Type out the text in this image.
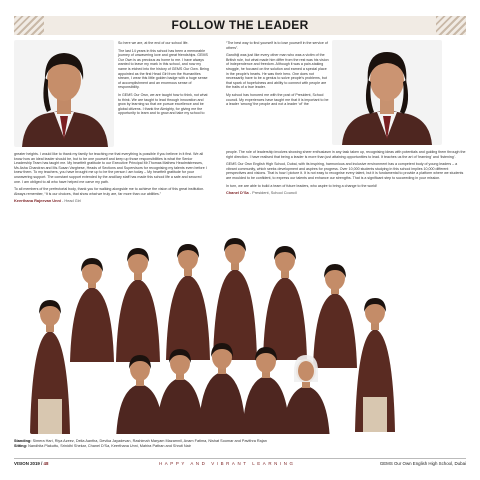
FOLLOW THE LEADER

So here we are, at the end of our school life.

The last 14 years in this school has been a memorable journey of unwavering love and great friendships. GEMS Our Own is as precious as home to me. I have always wanted to leave my mark in this school, and now my name is etched into the history of GEMS Our Own. Being appointed as the first Head Girl from the Humanities stream, I wear this little golden badge with a huge sense of accomplishment and an enormous sense of responsibility.

In GEMS Our Own, we are taught how to think, not what to think. We are taught to lead through innovation and grow by learning so that we pursue excellence and be global citizens. I thank the Almighty, for giving me the opportunity to learn and to grow and take my school to

greater heights. I would like to thank my family for teaching me that everything is possible if you believe in it first. We all know how an ideal leader should be, but to be one yourself and keep up those responsibilities is what the Senior Leadership Team has taught me. My heartfelt gratitude to our Executive Principal Mr.Thomas Mathew Headmistresses, Ms Asha Chandran and Ms.Susan Varghese, Heads of Sections and Supervisors for recognising my talents even before I knew them. To my teachers, you have brought me up to be the person I am today – My heartfelt gratitude for your unwavering support. The constant support extended by the ancillary staff has made this school life a safe and secured one. I am obliged to all who have helped me carve my path.

To all members of the prefectorial body, thank you for walking alongside me to achieve the vision of this great institution. Always remember, “It is our choices, that show what we truly are, far more than our abilities.”

Keerthana Rajeevan Unni - Head Girl

“The best way to find yourself is to lose yourself in the service of others”.

Gandhiji was just like every other man who was a victim of the British rule, but what made him differ from the rest was his vision of independence and freedom. Although it was a pain-staking struggle, he focused on the solution and earned a special place in the people’s hearts. He was their hero. One does not necessarily have to be a genius to solve people’s problems, but that spark of hopefulness and ability to connect with people are the traits of a true leader.

My school has honored me with the post of President, School council. My experiences have taught me that it is important to be a leader ‘among’ the people and not a leader ‘of’ the

people. The role of leadership involves showing sheer enthusiasm in any task taken up, recognising ideas with potentials and guiding them through the right direction. I have realised that being a leader is more than just attaining opportunities to lead. It teaches us the art of ‘learning’ and ‘listening’.

GEMS Our Own English High School, Dubai, with its inspiring, harmonious and inclusive environment has a competent body of young leaders – a vibrant community, which seeks development and aspires for progress. Over 10,000 students studying in this school implies 10,000 different perspectives and visions. That is how I picture it. It is not easy to recognise every talent, but it is fundamental to provide a platform where we students are moulded to be confident, to express our talents and enhance our strengths. That is a significant step to succeeding in your mission.

In turn, we are able to build a team of future leaders, who aspire to bring a change to the world!

Chanel D’Sa - President, School Council
Standing: Simera Hari, Riya Azeez, Delia Aantha, Devika Jayadevan, Rashimah Maryam Mazamnil, Anam Fatima, Nishat Soomar and Pavithra Rajan
Sitting: Nandhita Plakuttu, Srinidhi Shekar, Chanel D’Sa, Keerthana Unni, Mahira Pathan and Shruti Nair
VISION 2019 / 48	HAPPY AND VIBRANT LEARNING	GEMS Our Own English High School, Dubai
